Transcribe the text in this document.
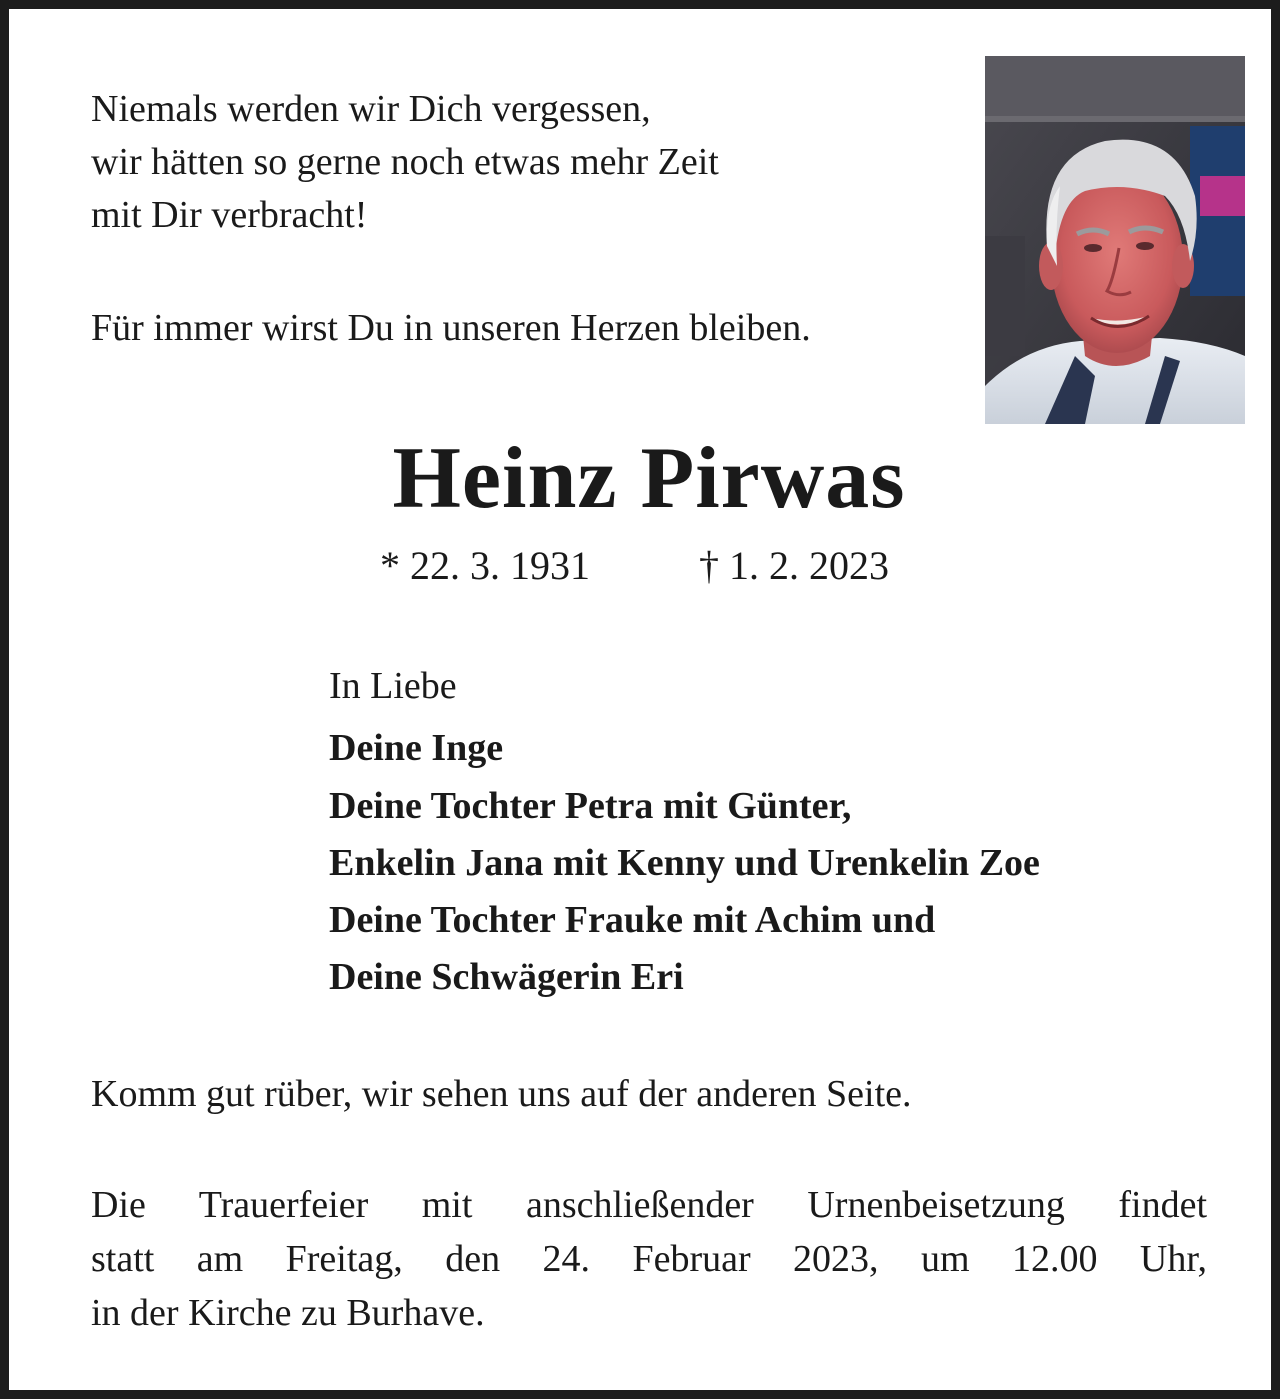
Niemals werden wir Dich vergessen,
wir hätten so gerne noch etwas mehr Zeit
mit Dir verbracht!
Für immer wirst Du in unseren Herzen bleiben.
Heinz Pirwas
* 22. 3. 1931	† 1. 2. 2023
In Liebe
Deine Inge
Deine Tochter Petra mit Günter,
Enkelin Jana mit Kenny und Urenkelin Zoe
Deine Tochter Frauke mit Achim und
Deine Schwägerin Eri
Komm gut rüber, wir sehen uns auf der anderen Seite.
Die Trauerfeier mit anschließender Urnenbeisetzung findet
statt am Freitag, den 24. Februar 2023, um 12.00 Uhr,
in der Kirche zu Burhave.
